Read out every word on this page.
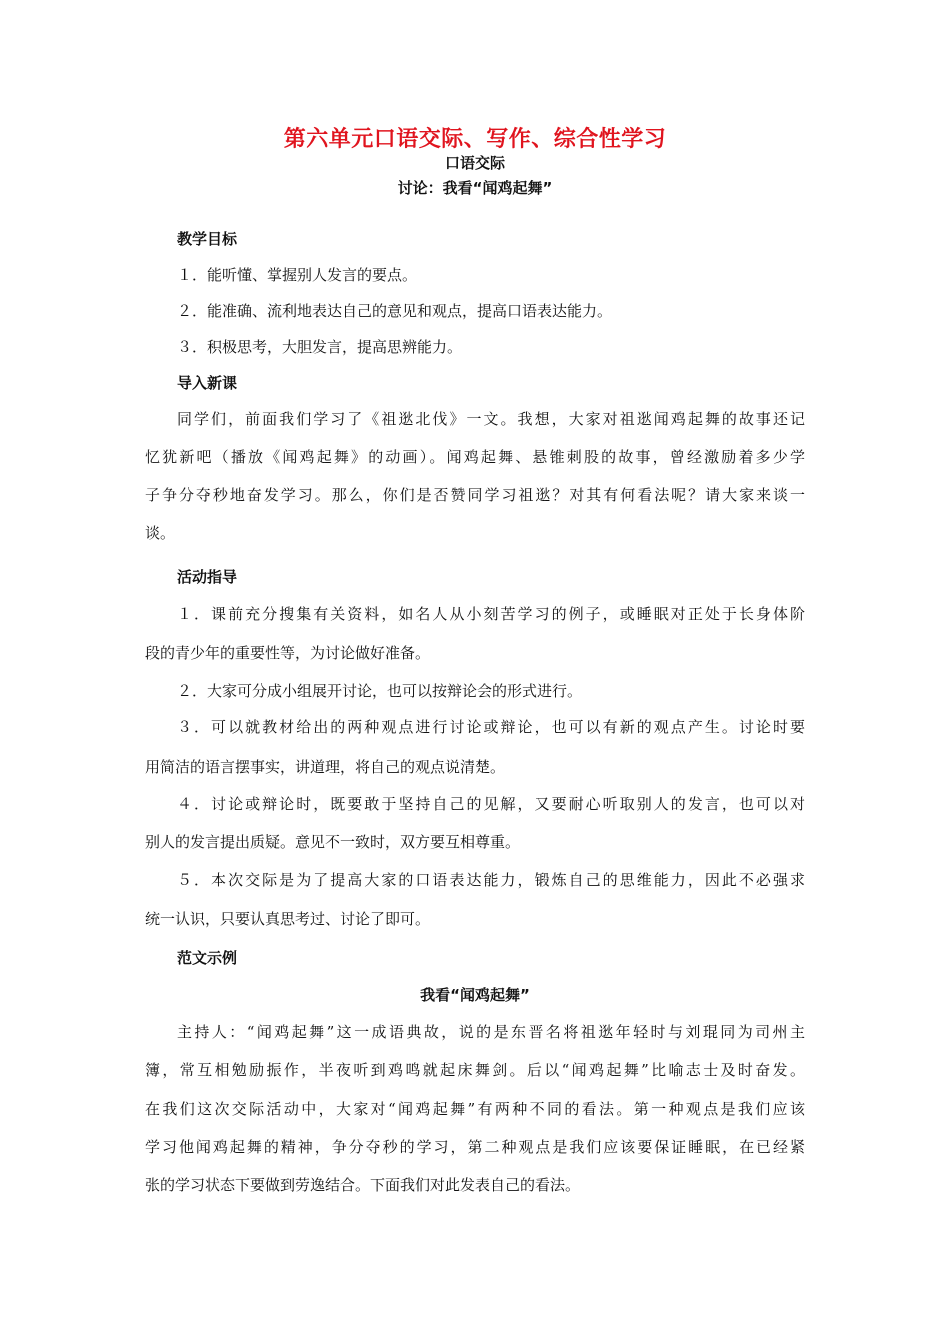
第六单元口语交际、写作、综合性学习
口语交际
讨论：我看“闻鸡起舞”
教学目标
１．能听懂、掌握别人发言的要点。
２．能准确、流利地表达自己的意见和观点，提高口语表达能力。
３．积极思考，大胆发言，提高思辨能力。
导入新课
同学们，前面我们学习了《祖逖北伐》一文。我想，大家对祖逖闻鸡起舞的故事还记
忆犹新吧（播放《闻鸡起舞》的动画）。闻鸡起舞、悬锥刺股的故事，曾经激励着多少学
子争分夺秒地奋发学习。那么，你们是否赞同学习祖逖？对其有何看法呢？请大家来谈一
谈。
活动指导
１．课前充分搜集有关资料，如名人从小刻苦学习的例子，或睡眠对正处于长身体阶
段的青少年的重要性等，为讨论做好准备。
２．大家可分成小组展开讨论，也可以按辩论会的形式进行。
３．可以就教材给出的两种观点进行讨论或辩论，也可以有新的观点产生。讨论时要
用简洁的语言摆事实，讲道理，将自己的观点说清楚。
４．讨论或辩论时，既要敢于坚持自己的见解，又要耐心听取别人的发言，也可以对
别人的发言提出质疑。意见不一致时，双方要互相尊重。
５．本次交际是为了提高大家的口语表达能力，锻炼自己的思维能力，因此不必强求
统一认识，只要认真思考过、讨论了即可。
范文示例
我看“闻鸡起舞”
主持人：“闻鸡起舞”这一成语典故，说的是东晋名将祖逖年轻时与刘琨同为司州主
簿，常互相勉励振作，半夜听到鸡鸣就起床舞剑。后以“闻鸡起舞”比喻志士及时奋发。
在我们这次交际活动中，大家对“闻鸡起舞”有两种不同的看法。第一种观点是我们应该
学习他闻鸡起舞的精神，争分夺秒的学习，第二种观点是我们应该要保证睡眠，在已经紧
张的学习状态下要做到劳逸结合。下面我们对此发表自己的看法。
